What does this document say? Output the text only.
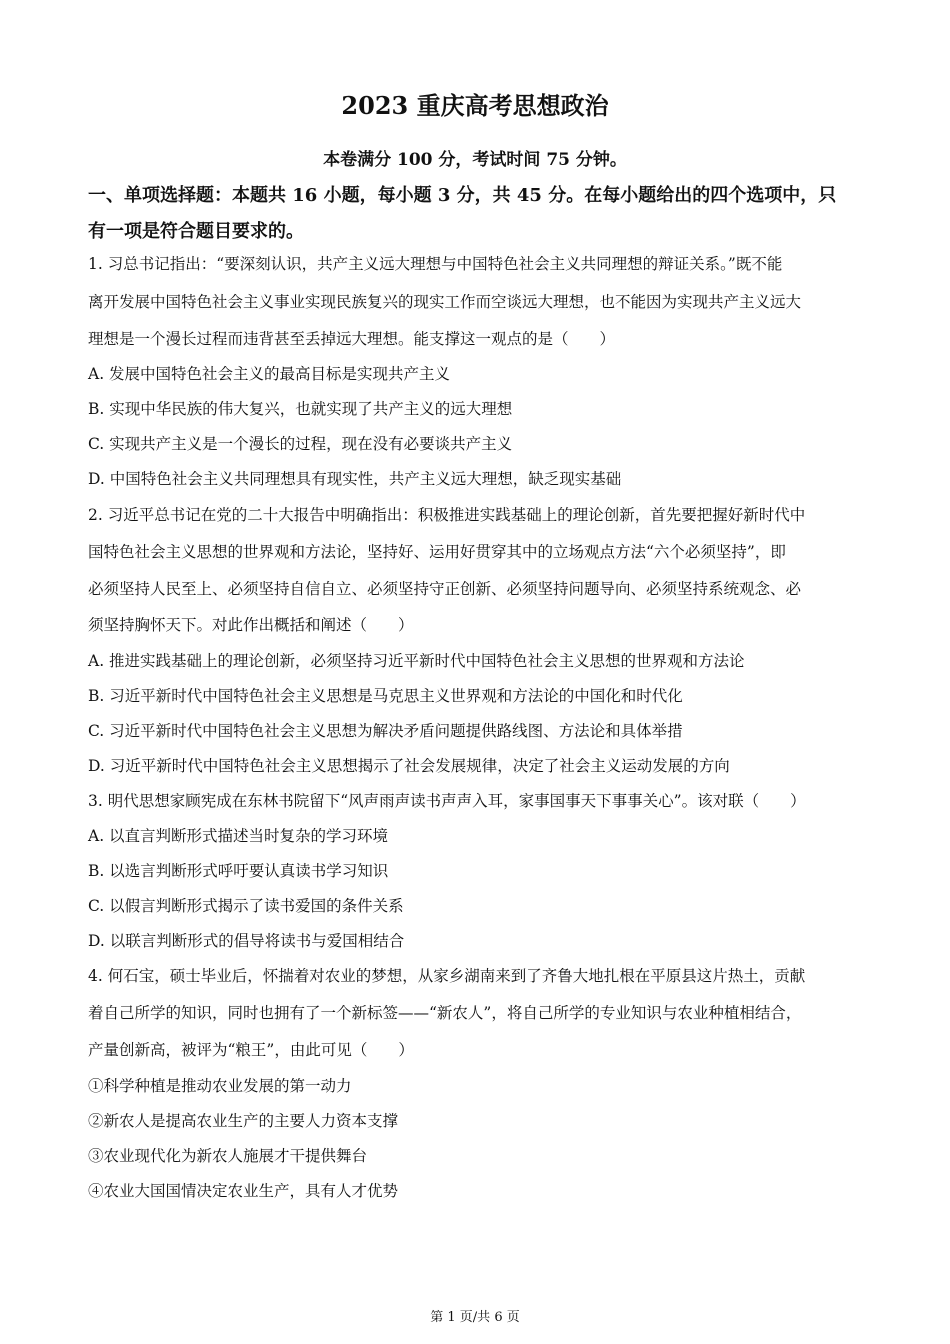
2023 重庆高考思想政治
本卷满分 100 分，考试时间 75 分钟。
一、单项选择题：本题共 16 小题，每小题 3 分，共 45 分。在每小题给出的四个选项中，只
有一项是符合题目要求的。
1. 习总书记指出：“要深刻认识，共产主义远大理想与中国特色社会主义共同理想的辩证关系。”既不能
离开发展中国特色社会主义事业实现民族复兴的现实工作而空谈远大理想，也不能因为实现共产主义远大
理想是一个漫长过程而违背甚至丢掉远大理想。能支撑这一观点的是（　　）
A. 发展中国特色社会主义的最高目标是实现共产主义
B. 实现中华民族的伟大复兴，也就实现了共产主义的远大理想
C. 实现共产主义是一个漫长的过程，现在没有必要谈共产主义
D. 中国特色社会主义共同理想具有现实性，共产主义远大理想，缺乏现实基础
2. 习近平总书记在党的二十大报告中明确指出：积极推进实践基础上的理论创新，首先要把握好新时代中
国特色社会主义思想的世界观和方法论，坚持好、运用好贯穿其中的立场观点方法“六个必须坚持”，即
必须坚持人民至上、必须坚持自信自立、必须坚持守正创新、必须坚持问题导向、必须坚持系统观念、必
须坚持胸怀天下。对此作出概括和阐述（　　）
A. 推进实践基础上的理论创新，必须坚持习近平新时代中国特色社会主义思想的世界观和方法论
B. 习近平新时代中国特色社会主义思想是马克思主义世界观和方法论的中国化和时代化
C. 习近平新时代中国特色社会主义思想为解决矛盾问题提供路线图、方法论和具体举措
D. 习近平新时代中国特色社会主义思想揭示了社会发展规律，决定了社会主义运动发展的方向
3. 明代思想家顾宪成在东林书院留下“风声雨声读书声声入耳，家事国事天下事事关心”。该对联（　　）
A. 以直言判断形式描述当时复杂的学习环境
B. 以选言判断形式呼吁要认真读书学习知识
C. 以假言判断形式揭示了读书爱国的条件关系
D. 以联言判断形式的倡导将读书与爱国相结合
4. 何石宝，硕士毕业后，怀揣着对农业的梦想，从家乡湖南来到了齐鲁大地扎根在平原县这片热土，贡献
着自己所学的知识，同时也拥有了一个新标签——“新农人”，将自己所学的专业知识与农业种植相结合，
产量创新高，被评为“粮王”，由此可见（　　）
①科学种植是推动农业发展的第一动力
②新农人是提高农业生产的主要人力资本支撑
③农业现代化为新农人施展才干提供舞台
④农业大国国情决定农业生产，具有人才优势
第 1 页/共 6 页
